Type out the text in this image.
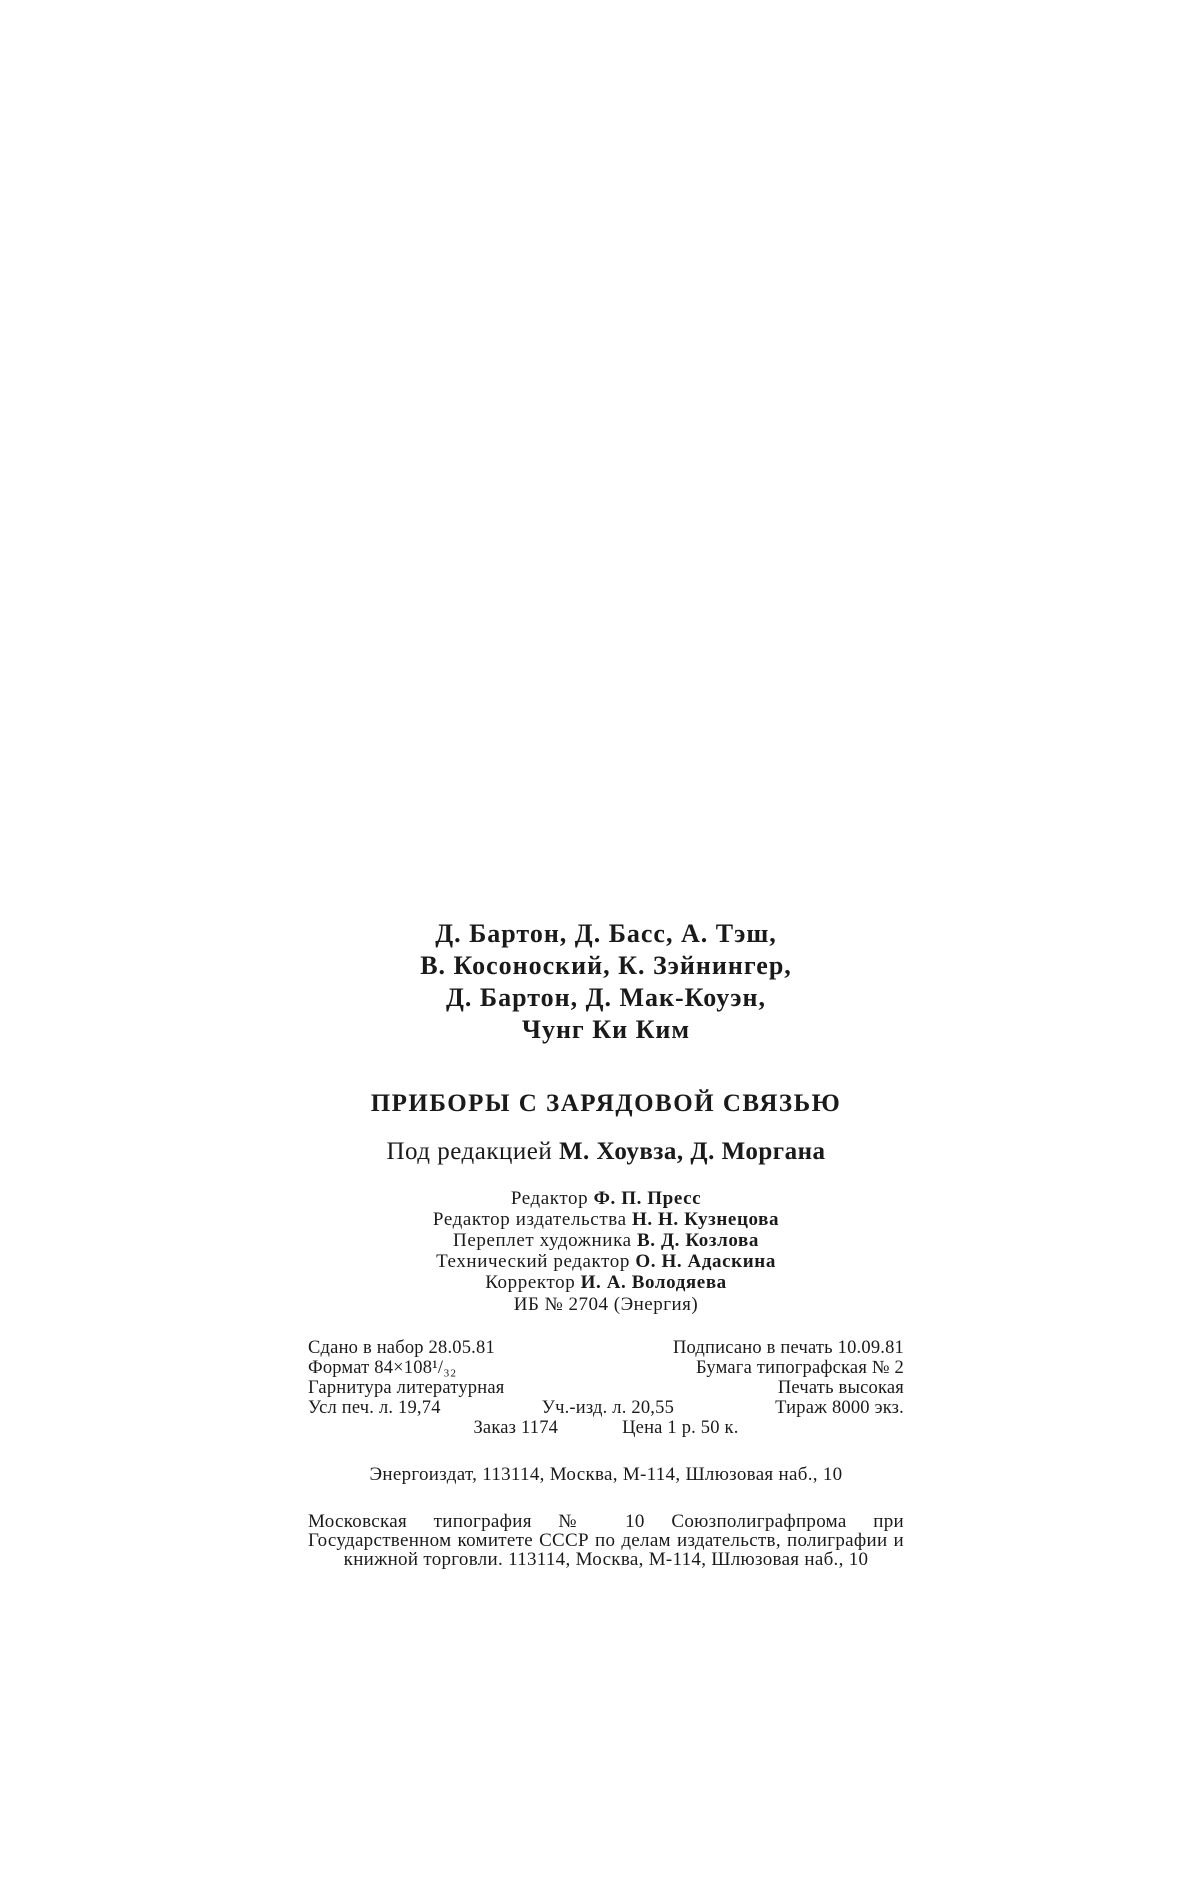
Д. Бартон, Д. Басс, А. Тэш,
В. Косоноский, К. Зэйнингер,
Д. Бартон, Д. Мак-Коуэн,
Чунг Ки Ким
ПРИБОРЫ С ЗАРЯДОВОЙ СВЯЗЬЮ
Под редакцией М. Хоувза, Д. Моргана
Редактор Ф. П. Пресс
Редактор издательства Н. Н. Кузнецова
Переплет художника В. Д. Козлова
Технический редактор О. Н. Адаскина
Корректор И. А. Володяева
ИБ № 2704 (Энергия)
Сдано в набор 28.05.81	Подписано в печать 10.09.81
Формат 84×108¹/₃₂	Бумага типографская № 2
Гарнитура литературная	Печать высокая
Усл печ. л. 19,74	Уч.-изд. л. 20,55	Тираж 8000 экз.
Заказ 1174	Цена 1 р. 50 к.
Энергоиздат, 113114, Москва, М-114, Шлюзовая наб., 10
Московская типография № 10 Союзполиграфпрома при Государственном комитете СССР по делам издательств, полиграфии и книжной торговли. 113114, Москва, М-114, Шлюзовая наб., 10
